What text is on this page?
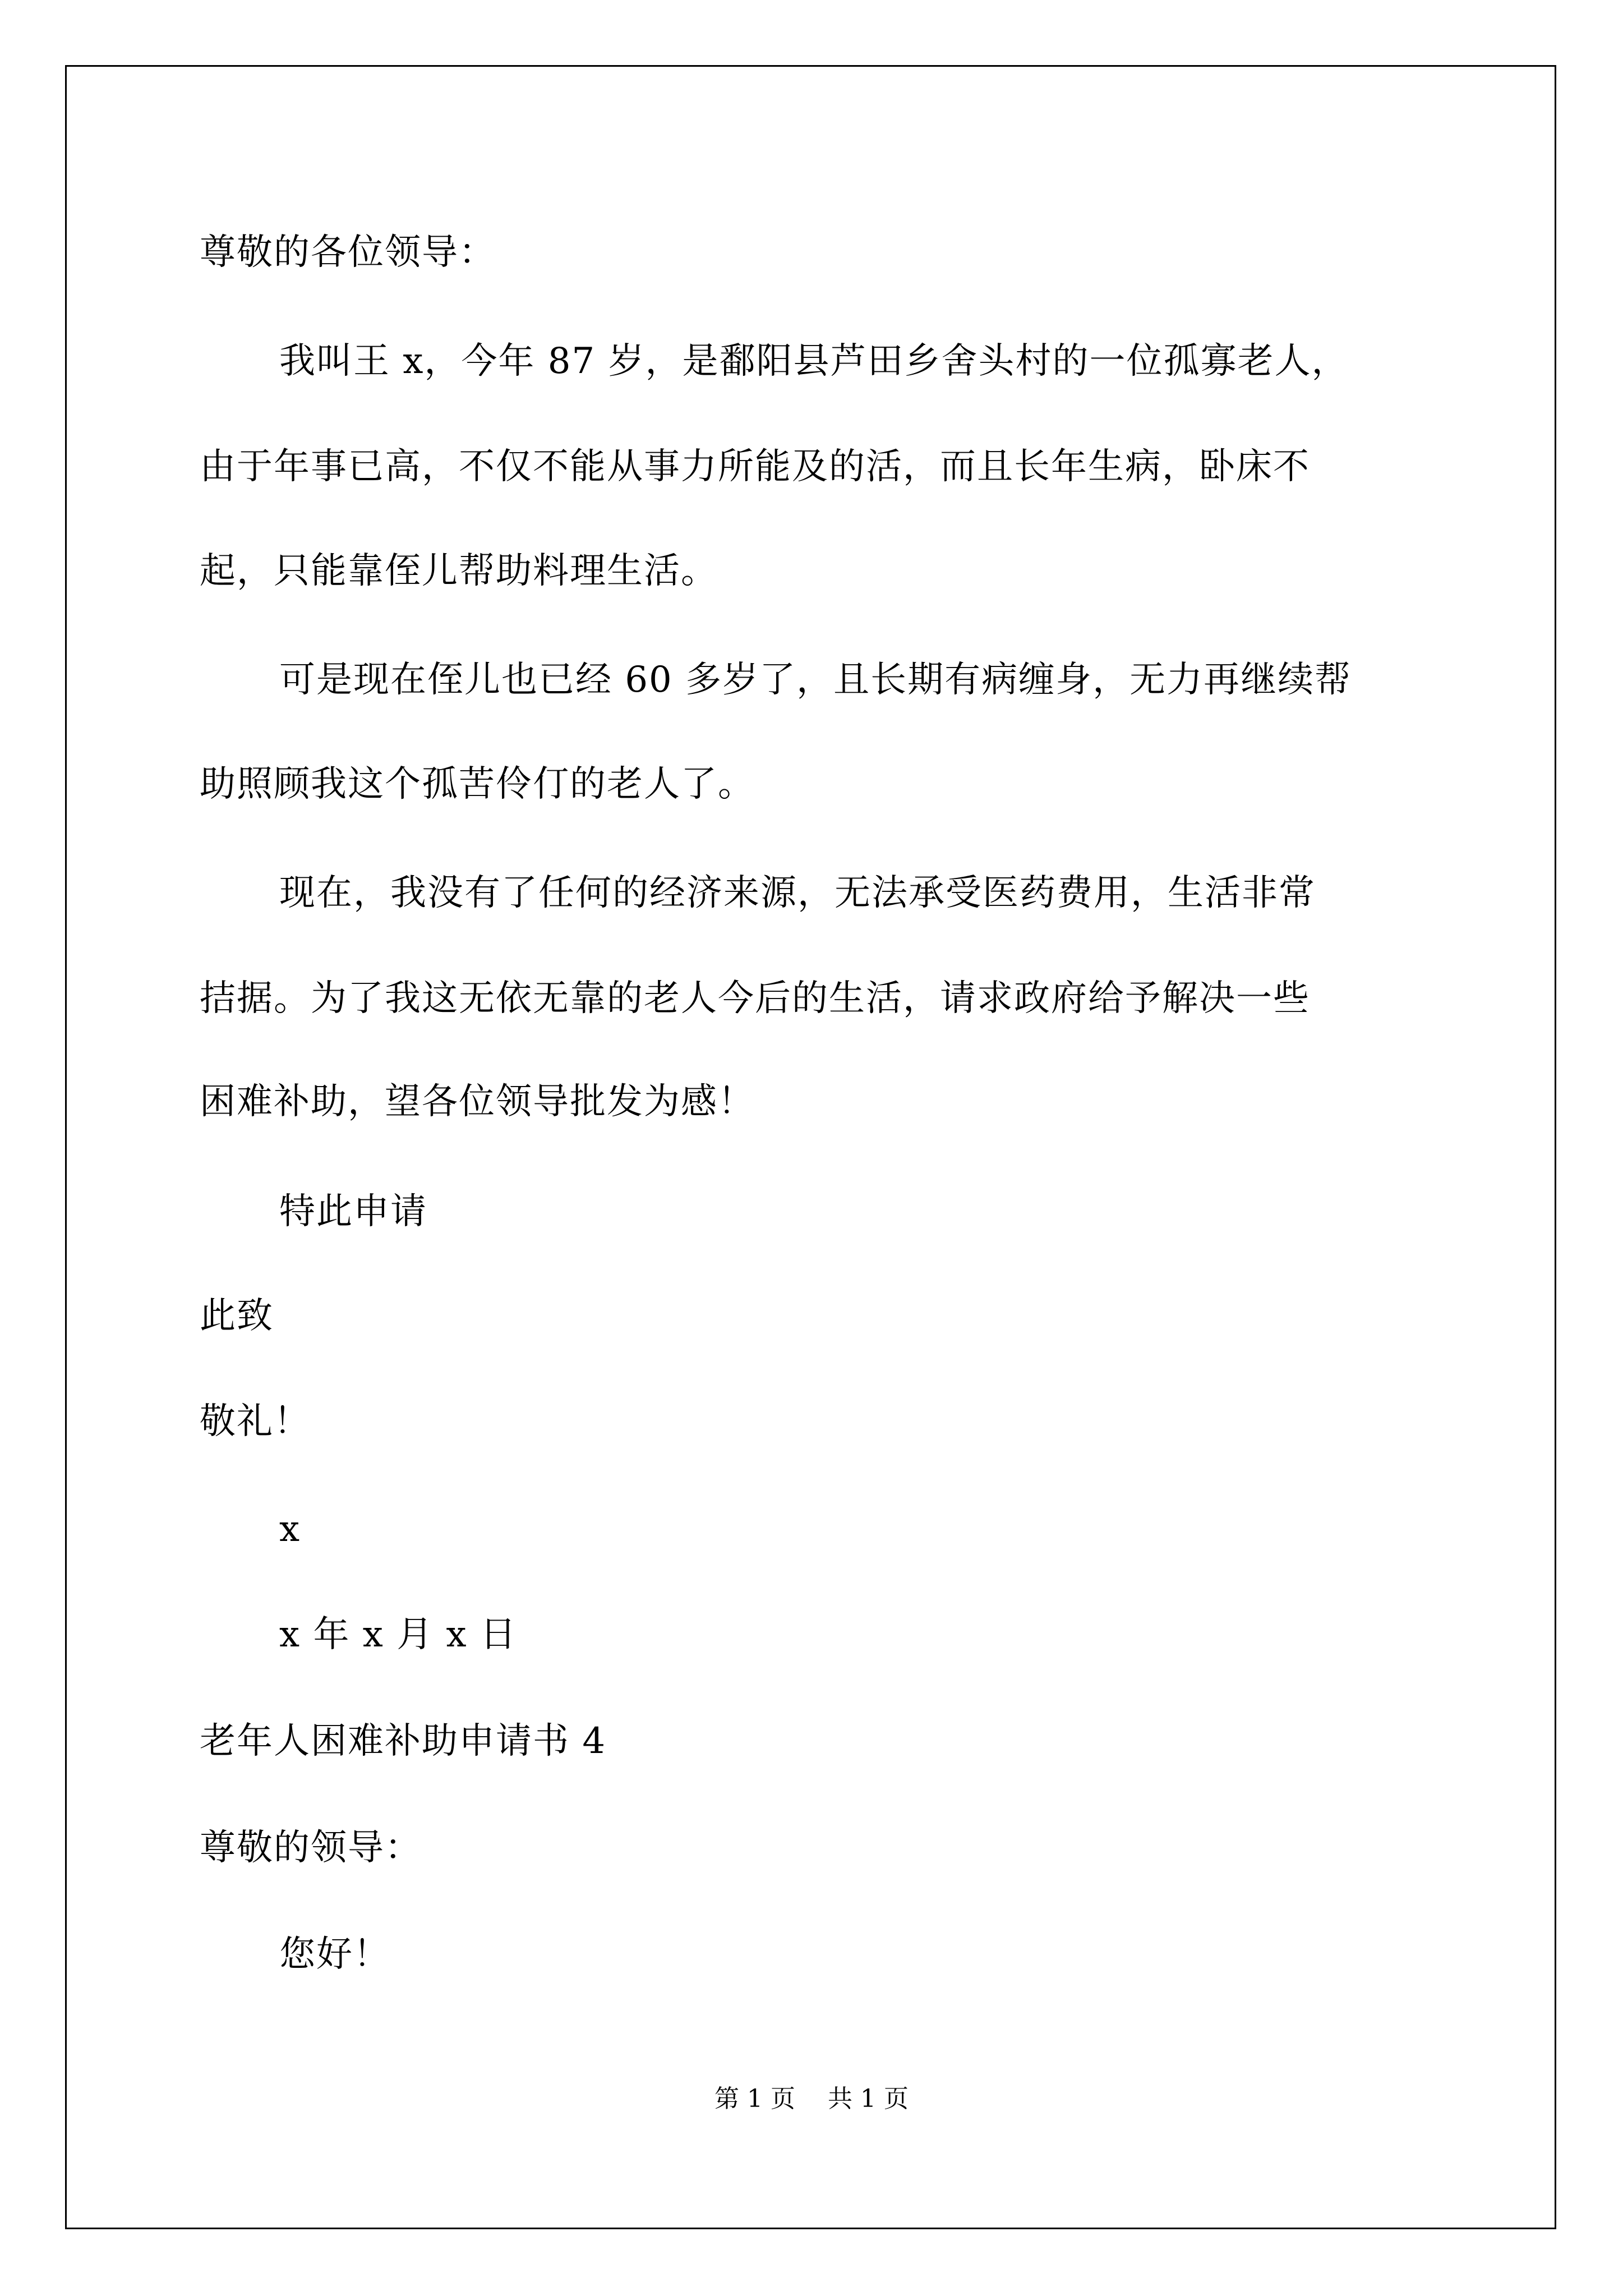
尊敬的各位领导：
我叫王 x，今年 87 岁，是鄱阳县芦田乡舍头村的一位孤寡老人，
由于年事已高，不仅不能从事力所能及的活，而且长年生病，卧床不
起，只能靠侄儿帮助料理生活。
可是现在侄儿也已经 60 多岁了，且长期有病缠身，无力再继续帮
助照顾我这个孤苦伶仃的老人了。
现在，我没有了任何的经济来源，无法承受医药费用，生活非常
拮据。为了我这无依无靠的老人今后的生活，请求政府给予解决一些
困难补助，望各位领导批发为感！
特此申请
此致
敬礼！
x
x 年 x 月 x 日
老年人困难补助申请书 4
尊敬的领导：
您好！
第 1 页　 共 1 页
